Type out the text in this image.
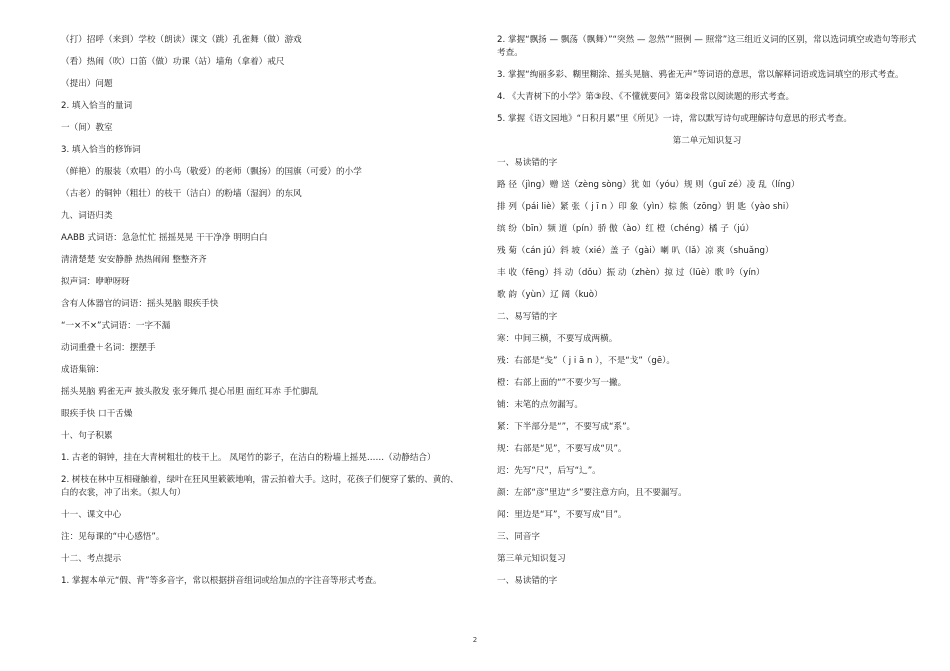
（打）招呼（来到）学校（朗读）课文（跳）孔雀舞（做）游戏

（看）热闹（吹）口笛（做）功课（站）墙角（拿着）戒尺

（提出）问题

2. 填入恰当的量词

一（间）教室

3. 填入恰当的修饰词

（鲜艳）的服装（欢唱）的小鸟（敬爱）的老师（飘扬）的国旗（可爱）的小学

（古老）的铜钟（粗壮）的枝干（洁白）的粉墙（湿润）的东风

九、词语归类

AABB 式词语：急急忙忙 摇摇晃晃 干干净净 明明白白

清清楚楚 安安静静 热热闹闹 整整齐齐

拟声词：咿咿呀呀

含有人体器官的词语：摇头晃脑 眼疾手快

“一×不×”式词语：一字不漏

动词重叠＋名词：摆摆手

成语集锦：

摇头晃脑 鸦雀无声 披头散发 张牙舞爪 提心吊胆 面红耳赤 手忙脚乱

眼疾手快 口干舌燥

十、句子积累

1. 古老的铜钟，挂在大青树粗壮的枝干上。 凤尾竹的影子，在洁白的粉墙上摇晃……（动静结合）

2. 树枝在林中互相碰触着，绿叶在狂风里簌簌地响，雷云拍着大手。这时，花孩子们便穿了紫的、黄的、白的衣裳，冲了出来。（拟人句）

十一、课文中心

注：见每课的“中心感悟”。

十二、考点提示

1. 掌握本单元“假、背”等多音字，常以根据拼音组词或给加点的字注音等形式考查。

2. 掌握“飘扬 — 飘荡（飘舞）”“突然 — 忽然”“照例 — 照常”这三组近义词的区别，常以选词填空或造句等形式考查。

3. 掌握“绚丽多彩、糊里糊涂、摇头晃脑、鸦雀无声”等词语的意思，常以解释词语或选词填空的形式考查。

4. 《大青树下的小学》第③段、《不懂就要问》第②段常以阅读题的形式考查。

5. 掌握《语文园地》“日积月累”里《所见》一诗，常以默写诗句或理解诗句意思的形式考查。

第二单元知识复习

一、易读错的字

路 径（jìng）赠 送（zèng sòng）犹 如（yóu）规 则（guī zé）凌 乱（líng）

排 列（pái liè）紧 张（ j ī n ）印 象（yìn）棕 熊（zōng）钥 匙（yào shi）

缤 纷（bīn）频 道（pín）骄 傲（ào）红 橙（chéng）橘 子（jú）

残 菊（cán jú）斜 坡（xié）盖 子（gài）喇 叭（lǎ）凉 爽（shuǎng）

丰 收（fēng）抖 动（dǒu）振 动（zhèn）掠 过（lüè）歌 吟（yín）

歌 韵（yùn）辽 阔（kuò）

二、易写错的字

寒：中间三横，不要写成两横。

残：右部是“戋”（ j i ā n ），不是“戈”（gē）。

橙：右部上面的“”不要少写一撇。

铺：末笔的点勿漏写。

紧：下半部分是“”，不要写成“系”。

规：右部是“见”，不要写成“贝”。

迟：先写“尺”，后写“辶”。

颜：左部“彦”里边“彡”要注意方向，且不要漏写。

闻：里边是“耳”，不要写成“目”。

三、同音字

第三单元知识复习

一、易读错的字

2
